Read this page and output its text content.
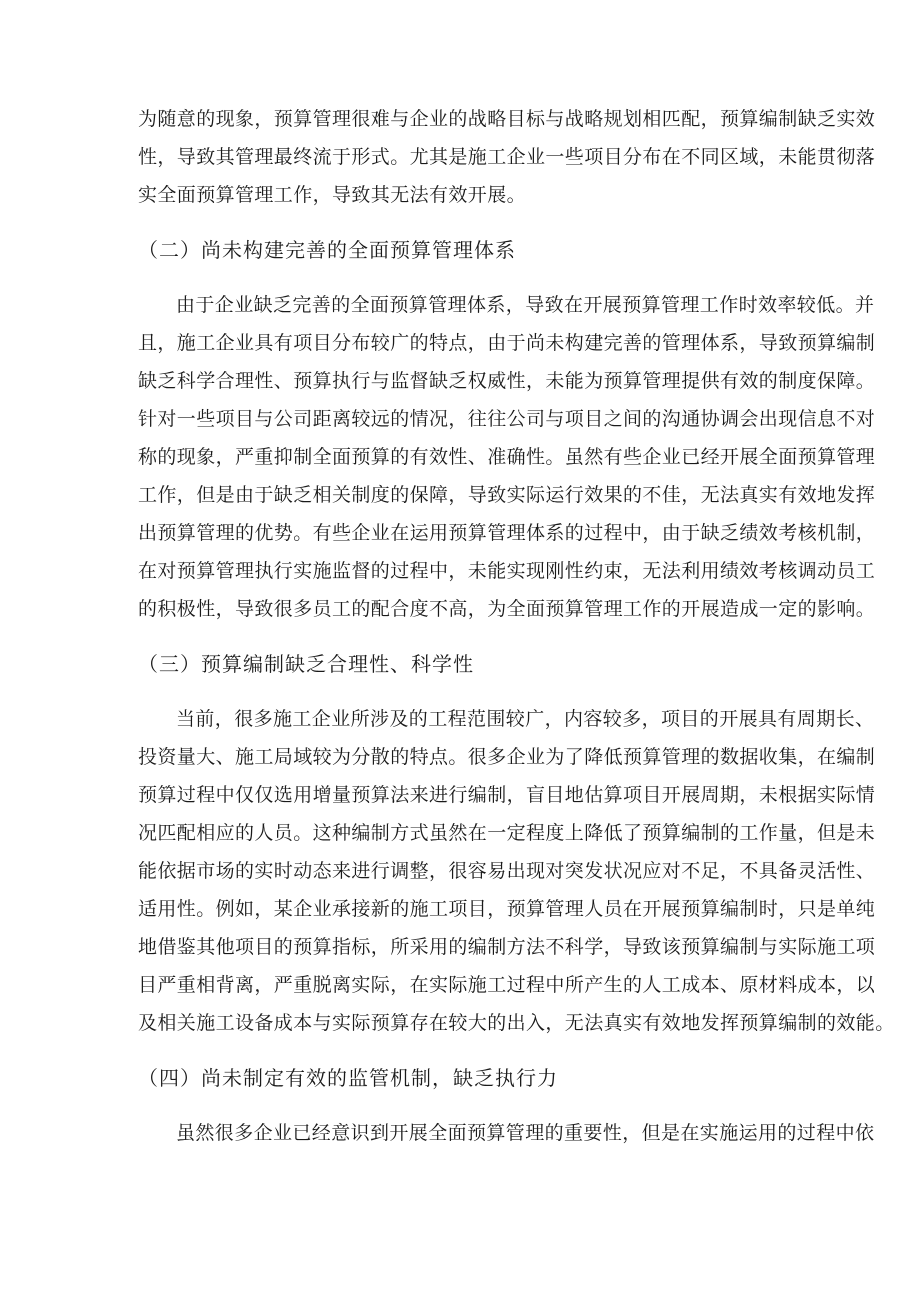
为随意的现象，预算管理很难与企业的战略目标与战略规划相匹配，预算编制缺乏实效
性，导致其管理最终流于形式。尤其是施工企业一些项目分布在不同区域，未能贯彻落
实全面预算管理工作，导致其无法有效开展。
（二）尚未构建完善的全面预算管理体系
由于企业缺乏完善的全面预算管理体系，导致在开展预算管理工作时效率较低。并
且，施工企业具有项目分布较广的特点，由于尚未构建完善的管理体系，导致预算编制
缺乏科学合理性、预算执行与监督缺乏权威性，未能为预算管理提供有效的制度保障。
针对一些项目与公司距离较远的情况，往往公司与项目之间的沟通协调会出现信息不对
称的现象，严重抑制全面预算的有效性、准确性。虽然有些企业已经开展全面预算管理
工作，但是由于缺乏相关制度的保障，导致实际运行效果的不佳，无法真实有效地发挥
出预算管理的优势。有些企业在运用预算管理体系的过程中，由于缺乏绩效考核机制，
在对预算管理执行实施监督的过程中，未能实现刚性约束，无法利用绩效考核调动员工
的积极性，导致很多员工的配合度不高，为全面预算管理工作的开展造成一定的影响。
（三）预算编制缺乏合理性、科学性
当前，很多施工企业所涉及的工程范围较广，内容较多，项目的开展具有周期长、
投资量大、施工局域较为分散的特点。很多企业为了降低预算管理的数据收集，在编制
预算过程中仅仅选用增量预算法来进行编制，盲目地估算项目开展周期，未根据实际情
况匹配相应的人员。这种编制方式虽然在一定程度上降低了预算编制的工作量，但是未
能依据市场的实时动态来进行调整，很容易出现对突发状况应对不足，不具备灵活性、
适用性。例如，某企业承接新的施工项目，预算管理人员在开展预算编制时，只是单纯
地借鉴其他项目的预算指标，所采用的编制方法不科学，导致该预算编制与实际施工项
目严重相背离，严重脱离实际，在实际施工过程中所产生的人工成本、原材料成本，以
及相关施工设备成本与实际预算存在较大的出入，无法真实有效地发挥预算编制的效能。
（四）尚未制定有效的监管机制，缺乏执行力
虽然很多企业已经意识到开展全面预算管理的重要性，但是在实施运用的过程中依
